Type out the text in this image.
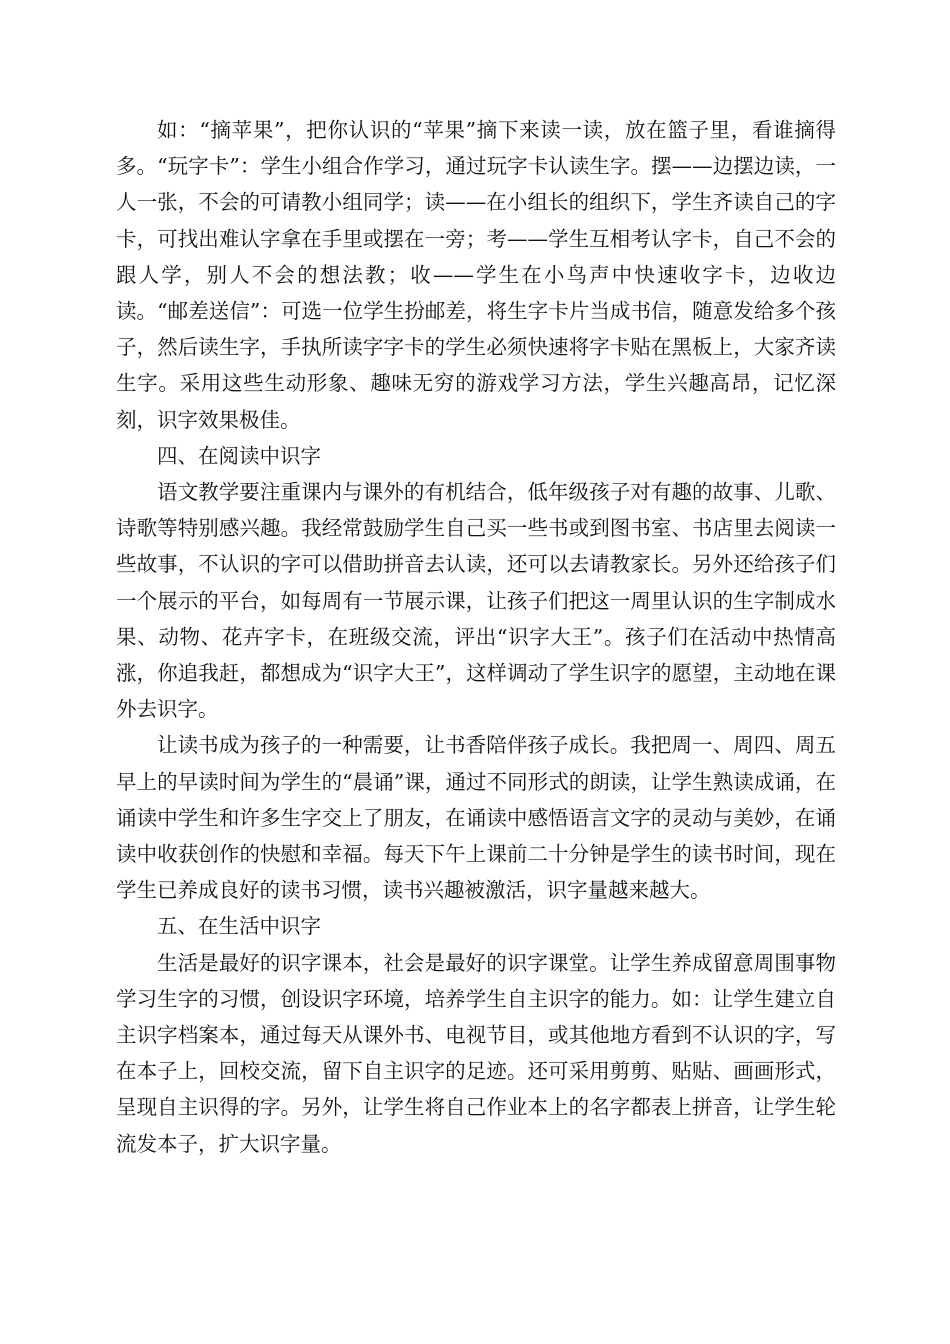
如：“摘苹果”，把你认识的“苹果”摘下来读一读，放在篮子里，看谁摘得多。“玩字卡”：学生小组合作学习，通过玩字卡认读生字。摆——边摆边读，一人一张，不会的可请教小组同学；读——在小组长的组织下，学生齐读自己的字卡，可找出难认字拿在手里或摆在一旁；考——学生互相考认字卡，自己不会的跟人学，别人不会的想法教；收——学生在小鸟声中快速收字卡，边收边读。“邮差送信”：可选一位学生扮邮差，将生字卡片当成书信，随意发给多个孩子，然后读生字，手执所读字字卡的学生必须快速将字卡贴在黑板上，大家齐读生字。采用这些生动形象、趣味无穷的游戏学习方法，学生兴趣高昂，记忆深刻，识字效果极佳。

四、在阅读中识字

语文教学要注重课内与课外的有机结合，低年级孩子对有趣的故事、儿歌、诗歌等特别感兴趣。我经常鼓励学生自己买一些书或到图书室、书店里去阅读一些故事，不认识的字可以借助拼音去认读，还可以去请教家长。另外还给孩子们一个展示的平台，如每周有一节展示课，让孩子们把这一周里认识的生字制成水果、动物、花卉字卡，在班级交流，评出“识字大王”。孩子们在活动中热情高涨，你追我赶，都想成为“识字大王”，这样调动了学生识字的愿望，主动地在课外去识字。

让读书成为孩子的一种需要，让书香陪伴孩子成长。我把周一、周四、周五早上的早读时间为学生的“晨诵”课，通过不同形式的朗读，让学生熟读成诵，在诵读中学生和许多生字交上了朋友，在诵读中感悟语言文字的灵动与美妙，在诵读中收获创作的快慰和幸福。每天下午上课前二十分钟是学生的读书时间，现在学生已养成良好的读书习惯，读书兴趣被激活，识字量越来越大。

五、在生活中识字

生活是最好的识字课本，社会是最好的识字课堂。让学生养成留意周围事物学习生字的习惯，创设识字环境，培养学生自主识字的能力。如：让学生建立自主识字档案本，通过每天从课外书、电视节目，或其他地方看到不认识的字，写在本子上，回校交流，留下自主识字的足迹。还可采用剪剪、贴贴、画画形式，呈现自主识得的字。另外，让学生将自己作业本上的名字都表上拼音，让学生轮流发本子，扩大识字量。
